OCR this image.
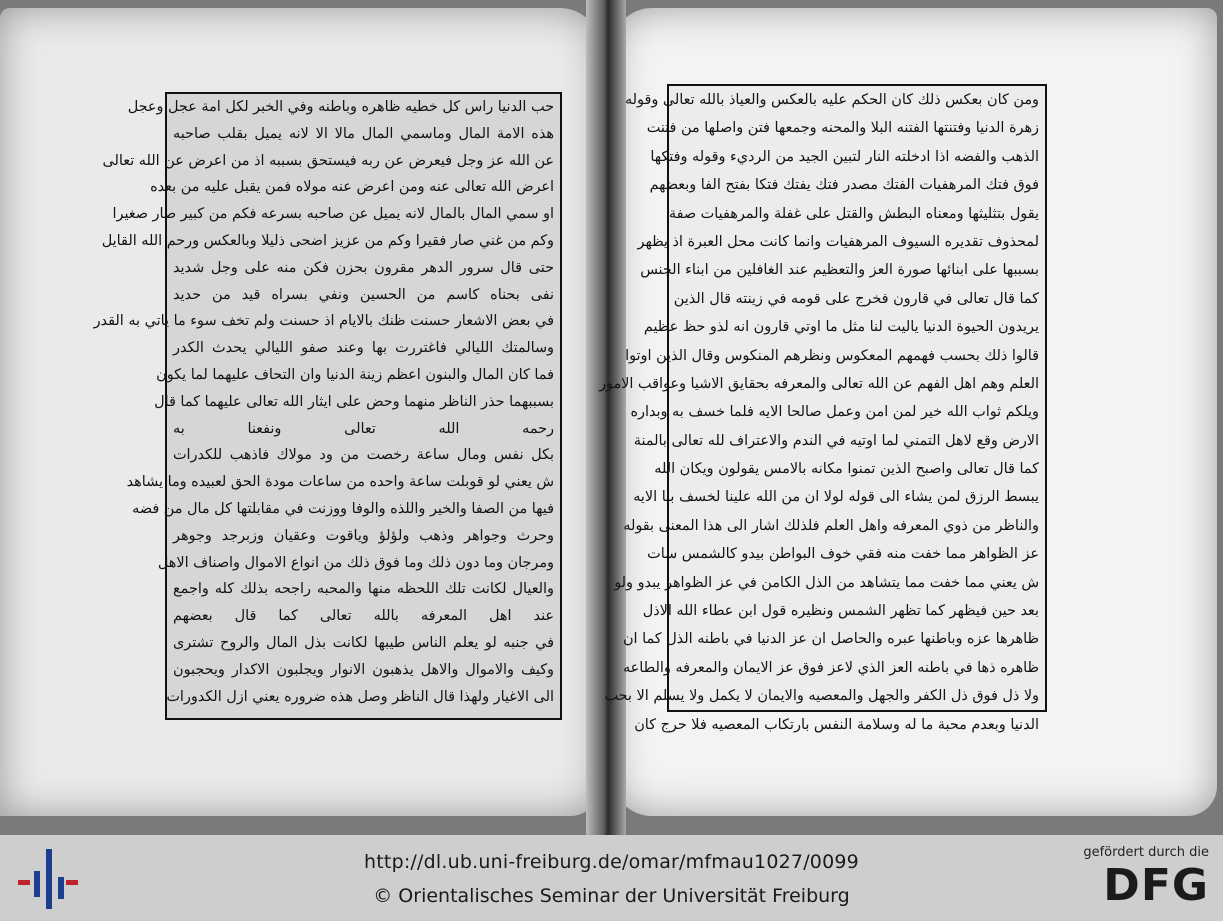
حب الدنيا راس كل خطيه ظاهره وباطنه وفي الخبر لكل امة عجل وعجل
هذه الامة المال وماسمي المال مالا الا لانه يميل بقلب صاحبه
عن الله عز وجل فيعرض عن ربه فيستحق بسببه اذ من اعرض عن الله تعالى
اعرض الله تعالى عنه ومن اعرض عنه مولاه فمن يقبل عليه من بعده
او سمي المال بالمال لانه يميل عن صاحبه بسرعه فكم من كبير صار صغيرا
وكم من غني صار فقيرا وكم من عزيز اضحى ذليلا وبالعكس ورحم الله القايل
حتى قال سرور الدهر مقرون بحزن فكن منه على وجل شديد
نفى بحناه كاسم من الحسين ونفي بسراه قيد من حديد
في بعض الاشعار حسنت ظنك بالايام اذ حسنت ولم تخف سوء ما ياتي به القدر
وسالمتك الليالي فاغتررت بها وعند صفو الليالي يحدث الكدر
فما كان المال والبنون اعظم زينة الدنيا وان التحاف عليهما لما يكون
بسببهما حذر الناظر منهما وحض على ايثار الله تعالى عليهما كما قال
رحمه الله تعالى ونفعنا به
بكل نفس ومال ساعة رخصت من ود مولاك فاذهب للكدرات
ش يعني لو قوبلت ساعة واحده من ساعات مودة الحق لعبيده وما يشاهد
فيها من الصفا والخير واللذه والوفا ووزنت في مقابلتها كل مال من فضه
وحرث وجواهر وذهب ولؤلؤ وياقوت وعقيان وزبرجد وجوهر
ومرجان وما دون ذلك وما فوق ذلك من انواع الاموال واصناف الاهل
والعيال لكانت تلك اللحظه منها والمحبه راجحه بذلك كله واجمع
عند اهل المعرفه بالله تعالى كما قال بعضهم
في جنبه لو يعلم الناس طيبها لكانت بذل المال والروح تشترى
وكيف والاموال والاهل يذهبون الانوار ويجلبون الاكدار ويحجبون
الى الاغيار ولهذا قال الناظر وصل هذه ضروره يعني ازل الكدورات
ومن كان بعكس ذلك كان الحكم عليه بالعكس والعياذ بالله تعالى وقوله
زهرة الدنيا وفتنتها الفتنه البلا والمحنه وجمعها فتن واصلها من فتنت
الذهب والفضه اذا ادخلته النار لتبين الجيد من الرديء وقوله وفتكها
فوق فتك المرهفيات الفتك مصدر فتك يفتك فتكا بفتح الفا وبعضهم
يقول بتثليثها ومعناه البطش والقتل على غفلة والمرهفيات صفة
لمحذوف تقديره السيوف المرهفيات وانما كانت محل العبرة اذ يظهر
بسببها على ابنائها صورة العز والتعظيم عند الغافلين من ابناء الجنس
كما قال تعالى في قارون فخرج على قومه في زينته قال الذين
يريدون الحيوة الدنيا ياليت لنا مثل ما اوتي قارون انه لذو حظ عظيم
قالوا ذلك بحسب فهمهم المعكوس ونظرهم المنكوس وقال الذين اوتوا
العلم وهم اهل الفهم عن الله تعالى والمعرفه بحقايق الاشيا وعواقب الامور
ويلكم ثواب الله خير لمن امن وعمل صالحا الايه فلما خسف به وبداره
الارض وقع لاهل التمني لما اوتيه في الندم والاعتراف لله تعالى بالمنة
كما قال تعالى واصبح الذين تمنوا مكانه بالامس يقولون ويكان الله
يبسط الرزق لمن يشاء الى قوله لولا ان من الله علينا لخسف بنا الايه
والناظر من ذوي المعرفه واهل العلم فلذلك اشار الى هذا المعنى بقوله
عز الظواهر مما خفت منه فقي خوف البواطن بيدو كالشمس سات
ش يعني مما خفت مما يتشاهد من الذل الكامن في عز الظواهر يبدو ولو
بعد حين فيظهر كما تظهر الشمس ونظيره قول ابن عطاء الله الاذل
ظاهرها عزه وباطنها عبره والحاصل ان عز الدنيا في باطنه الذل كما ان
ظاهره ذها في باطنه العز الذي لاعز فوق عز الايمان والمعرفه والطاعه
ولا ذل فوق ذل الكفر والجهل والمعصيه والايمان لا يكمل ولا يسلم الا بحب
الدنيا وبعدم محبة ما له وسلامة النفس بارتكاب المعصيه فلا حرج كان
http://dl.ub.uni-freiburg.de/omar/mfmau1027/0099
© Orientalisches Seminar der Universität Freiburg
gefördert durch die
DFG
